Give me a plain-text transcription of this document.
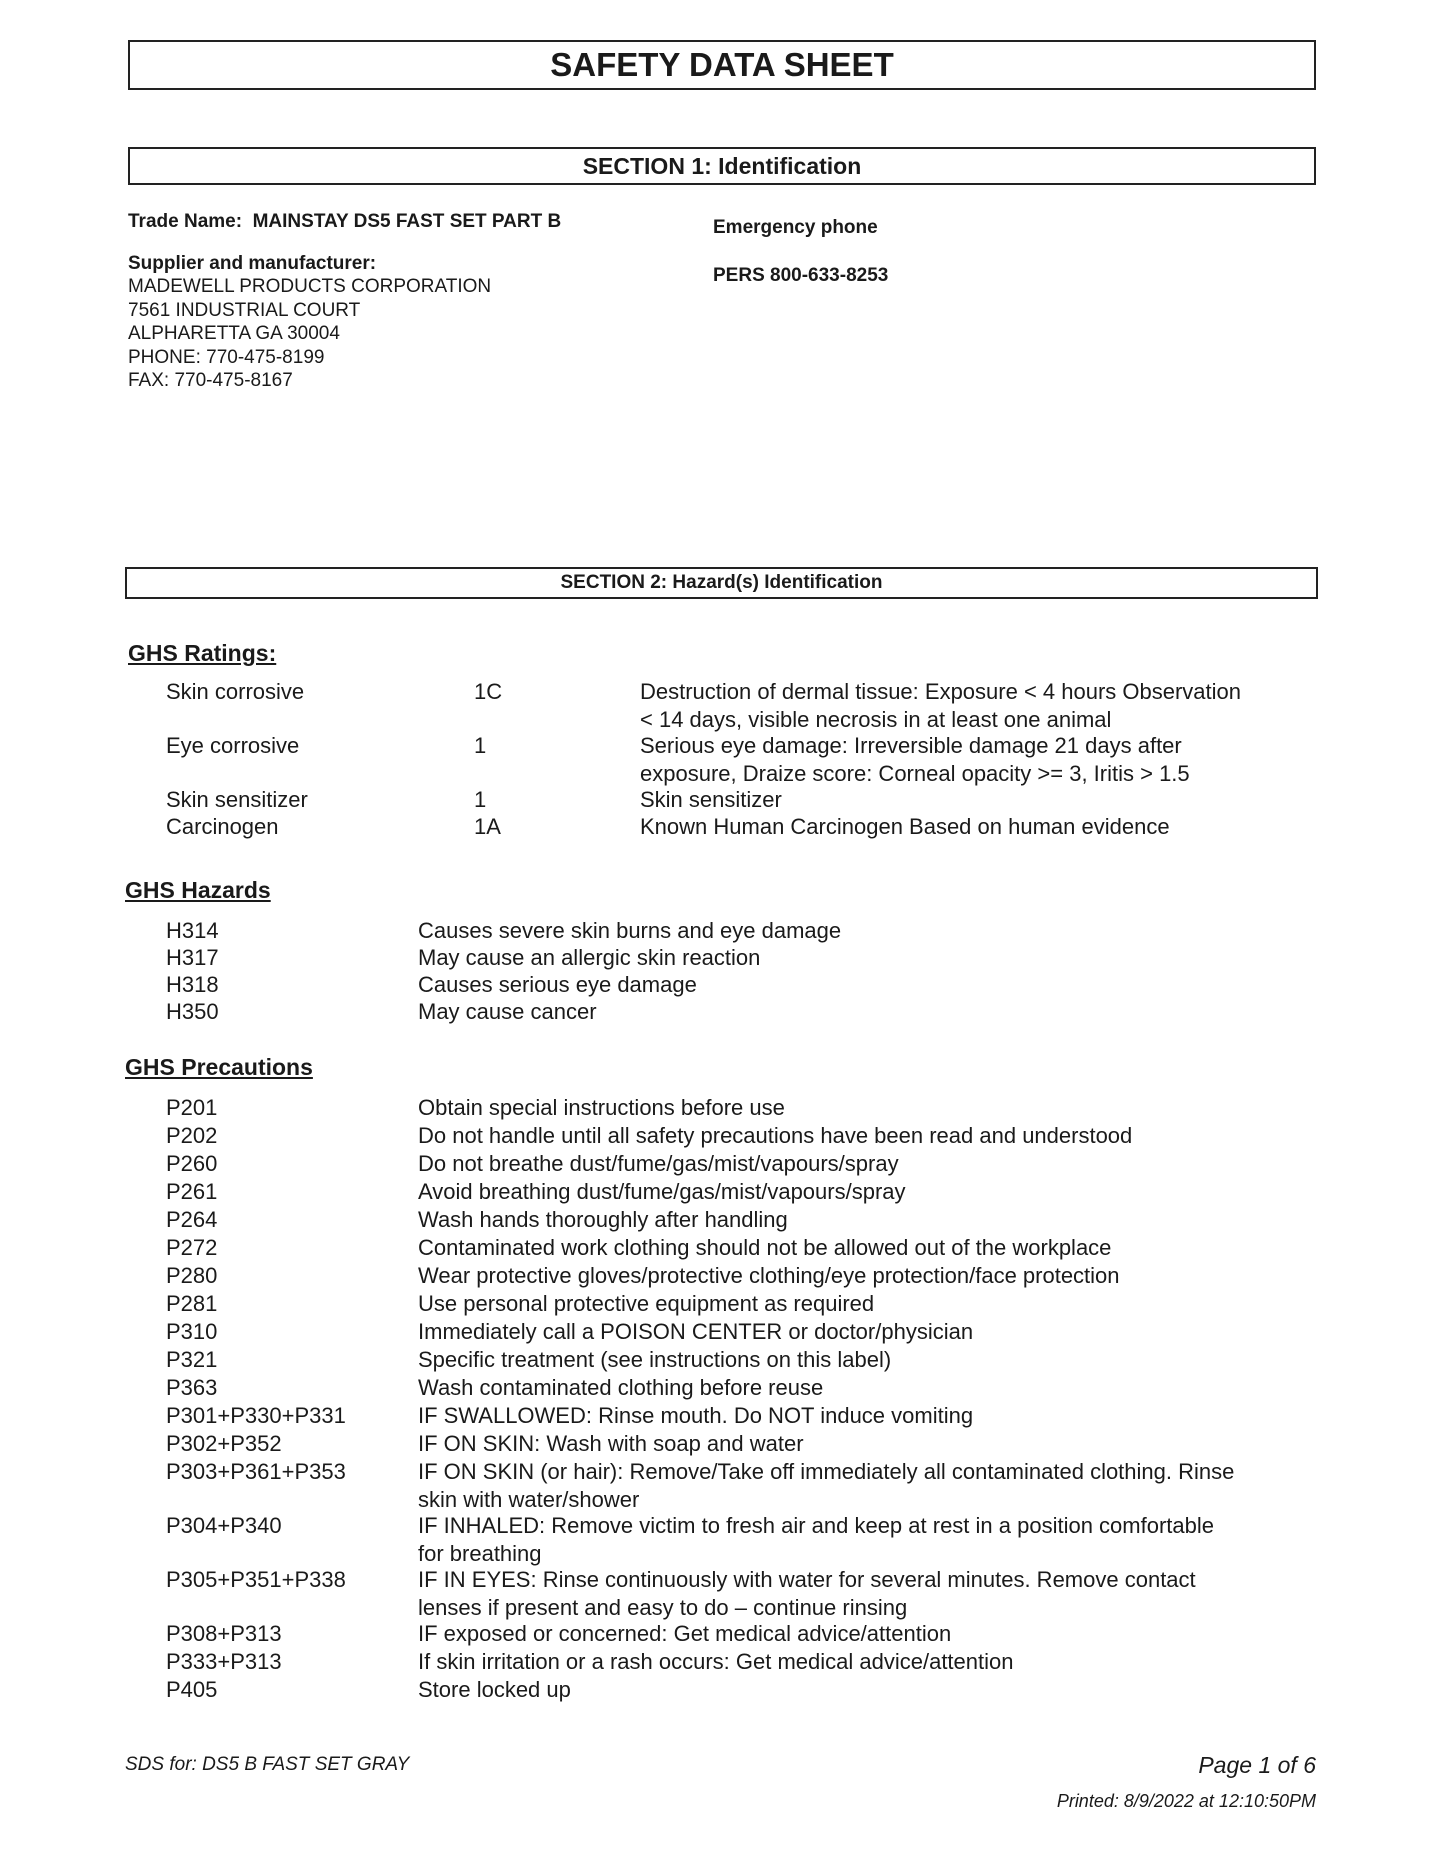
SAFETY DATA SHEET
SECTION 1: Identification
Trade Name: MAINSTAY DS5 FAST SET PART B
Supplier and manufacturer:
MADEWELL PRODUCTS CORPORATION
7561 INDUSTRIAL COURT
ALPHARETTA GA 30004
PHONE: 770-475-8199
FAX: 770-475-8167
Emergency phone
PERS 800-633-8253
SECTION 2: Hazard(s) Identification
GHS Ratings:
Skin corrosive	1C	Destruction of dermal tissue: Exposure < 4 hours Observation
< 14 days, visible necrosis in at least one animal
Eye corrosive	1	Serious eye damage: Irreversible damage 21 days after
exposure, Draize score: Corneal opacity >= 3, Iritis > 1.5
Skin sensitizer	1	Skin sensitizer
Carcinogen	1A	Known Human Carcinogen Based on human evidence
GHS Hazards
H314	Causes severe skin burns and eye damage
H317	May cause an allergic skin reaction
H318	Causes serious eye damage
H350	May cause cancer
GHS Precautions
P201	Obtain special instructions before use
P202	Do not handle until all safety precautions have been read and understood
P260	Do not breathe dust/fume/gas/mist/vapours/spray
P261	Avoid breathing dust/fume/gas/mist/vapours/spray
P264	Wash hands thoroughly after handling
P272	Contaminated work clothing should not be allowed out of the workplace
P280	Wear protective gloves/protective clothing/eye protection/face protection
P281	Use personal protective equipment as required
P310	Immediately call a POISON CENTER or doctor/physician
P321	Specific treatment (see instructions on this label)
P363	Wash contaminated clothing before reuse
P301+P330+P331	IF SWALLOWED: Rinse mouth. Do NOT induce vomiting
P302+P352	IF ON SKIN: Wash with soap and water
P303+P361+P353	IF ON SKIN (or hair): Remove/Take off immediately all contaminated clothing. Rinse
skin with water/shower
P304+P340	IF INHALED: Remove victim to fresh air and keep at rest in a position comfortable
for breathing
P305+P351+P338	IF IN EYES: Rinse continuously with water for several minutes. Remove contact
lenses if present and easy to do – continue rinsing
P308+P313	IF exposed or concerned: Get medical advice/attention
P333+P313	If skin irritation or a rash occurs: Get medical advice/attention
P405	Store locked up
SDS for: DS5 B FAST SET GRAY	Page 1 of 6
Printed: 8/9/2022 at 12:10:50PM
